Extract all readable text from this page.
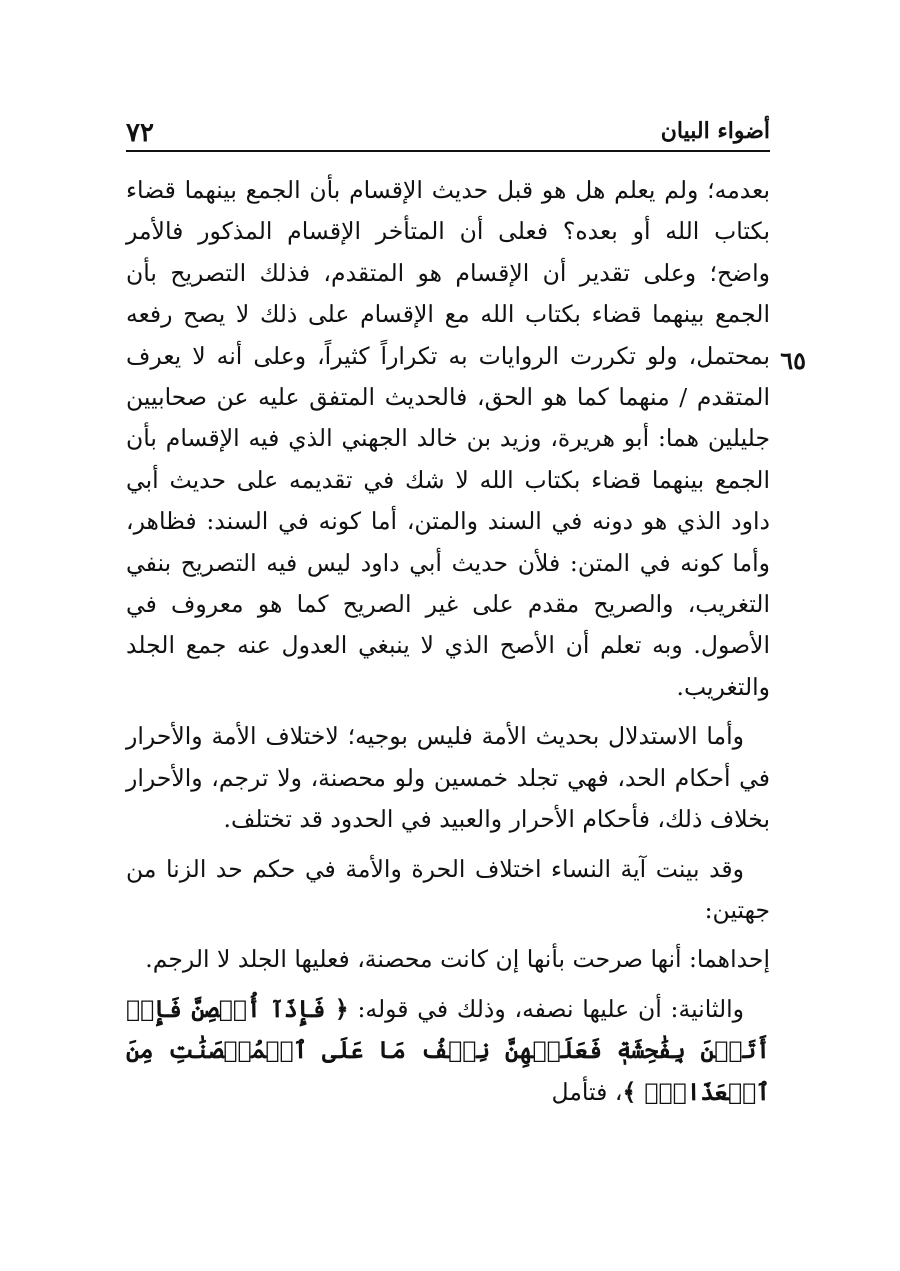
أضواء البيان
٧٢
٦٥

بعدمه؛ ولم يعلم هل هو قبل حديث الإقسام بأن الجمع بينهما قضاء بكتاب الله أو بعده؟ فعلى أن المتأخر الإقسام المذكور فالأمر واضح؛ وعلى تقدير أن الإقسام هو المتقدم، فذلك التصريح بأن الجمع بينهما قضاء بكتاب الله مع الإقسام على ذلك لا يصح رفعه بمحتمل، ولو تكررت الروايات به تكراراً كثيراً، وعلى أنه لا يعرف المتقدم / منهما كما هو الحق، فالحديث المتفق عليه عن صحابيين جليلين هما: أبو هريرة، وزيد بن خالد الجهني الذي فيه الإقسام بأن الجمع بينهما قضاء بكتاب الله لا شك في تقديمه على حديث أبي داود الذي هو دونه في السند والمتن، أما كونه في السند: فظاهر، وأما كونه في المتن: فلأن حديث أبي داود ليس فيه التصريح بنفي التغريب، والصريح مقدم على غير الصريح كما هو معروف في الأصول. وبه تعلم أن الأصح الذي لا ينبغي العدول عنه جمع الجلد والتغريب.

وأما الاستدلال بحديث الأمة فليس بوجيه؛ لاختلاف الأمة والأحرار في أحكام الحد، فهي تجلد خمسين ولو محصنة، ولا ترجم، والأحرار بخلاف ذلك، فأحكام الأحرار والعبيد في الحدود قد تختلف.

وقد بينت آية النساء اختلاف الحرة والأمة في حكم حد الزنا من جهتين:

إحداهما: أنها صرحت بأنها إن كانت محصنة، فعليها الجلد لا الرجم.

والثانية: أن عليها نصفه، وذلك في قوله: ﴿ فَإِذَآ أُحۡصِنَّ فَإِنۡ أَتَيۡنَ بِفَٰحِشَةٖ فَعَلَيۡهِنَّ نِصۡفُ مَا عَلَى ٱلۡمُحۡصَنَٰتِ مِنَ ٱلۡعَذَابِۚ ﴾، فتأمل
